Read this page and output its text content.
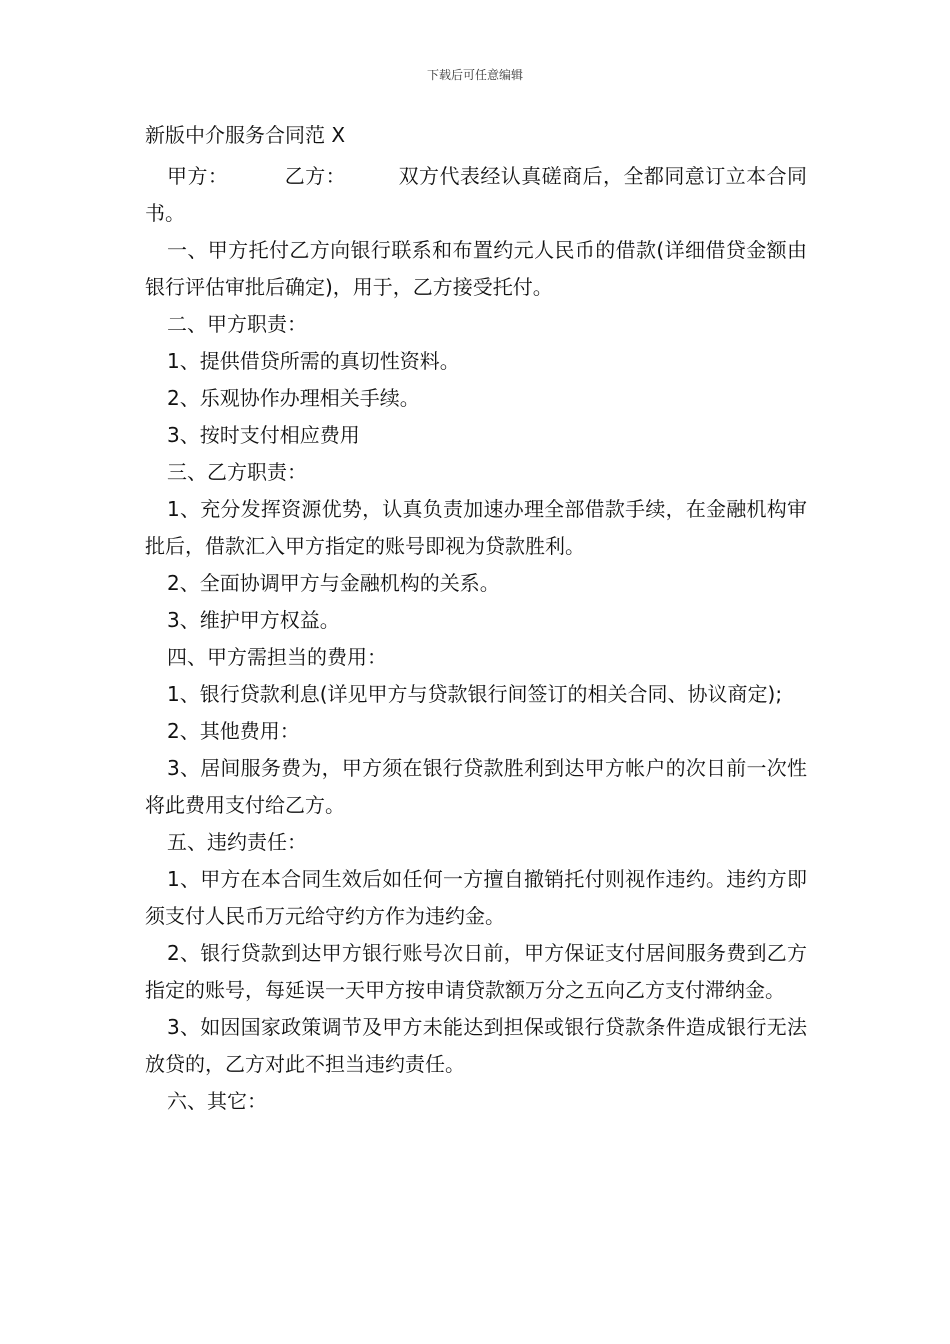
下载后可任意编辑
新版中介服务合同范 X

甲方：	乙方：	双方代表经认真磋商后，全都同意订立本合同书。

一、甲方托付乙方向银行联系和布置约元人民币的借款(详细借贷金额由银行评估审批后确定)，用于，乙方接受托付。

二、甲方职责：

1、提供借贷所需的真切性资料。

2、乐观协作办理相关手续。

3、按时支付相应费用

三、乙方职责：

1、充分发挥资源优势，认真负责加速办理全部借款手续，在金融机构审批后，借款汇入甲方指定的账号即视为贷款胜利。

2、全面协调甲方与金融机构的关系。

3、维护甲方权益。

四、甲方需担当的费用：

1、银行贷款利息(详见甲方与贷款银行间签订的相关合同、协议商定);

2、其他费用：

3、居间服务费为，甲方须在银行贷款胜利到达甲方帐户的次日前一次性将此费用支付给乙方。

五、违约责任：

1、甲方在本合同生效后如任何一方擅自撤销托付则视作违约。违约方即须支付人民币万元给守约方作为违约金。

2、银行贷款到达甲方银行账号次日前，甲方保证支付居间服务费到乙方指定的账号，每延误一天甲方按申请贷款额万分之五向乙方支付滞纳金。

3、如因国家政策调节及甲方未能达到担保或银行贷款条件造成银行无法放贷的，乙方对此不担当违约责任。

六、其它：
